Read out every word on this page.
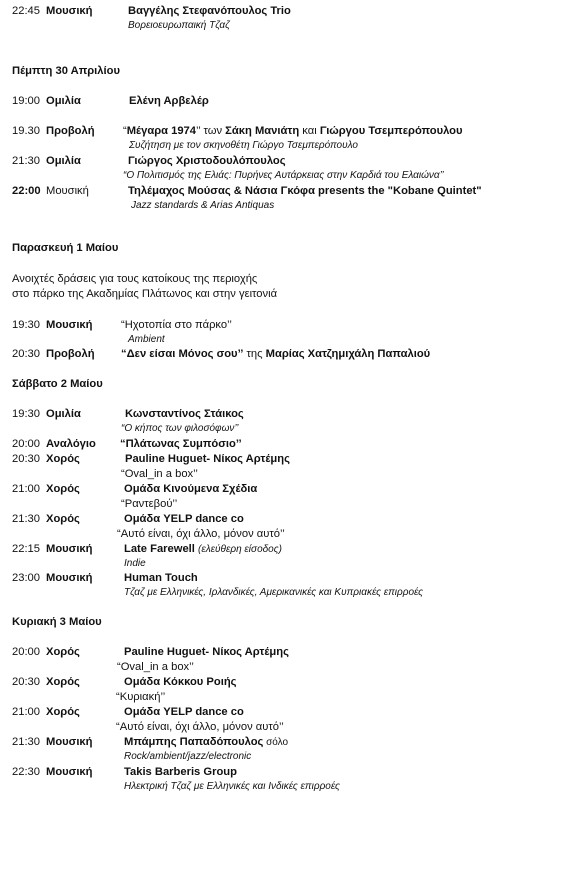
22:45 Μουσική	Βαγγέλης Στεφανόπουλος Trio
Βορειοευρωπαική Τζαζ
Πέμπτη 30 Απριλίου
19:00 Ομιλία	Ελένη Αρβελέρ
19.30 Προβολή	“Μέγαρα 1974’’ των Σάκη Μανιάτη και Γιώργου Τσεμπερόπουλου
Συζήτηση με τον σκηνοθέτη Γιώργο Τσεμπερόπουλο
21:30 Ομιλία	Γιώργος Χριστοδουλόπουλος
“Ο Πολιτισμός της Ελιάς: Πυρήνες Αυτάρκειας στην Καρδιά του Ελαιώνα’’
22:00 Μουσική	Τηλέμαχος Μούσας & Νάσια Γκόφα presents the "Kobane Quintet"
Jazz standards & Arias Antiquas
Παρασκευή 1 Μαίου
Ανοιχτές δράσεις για τους κατοίκους της περιοχής
στο πάρκο της Ακαδημίας Πλάτωνος και στην γειτονιά
19:30 Μουσική	“Ηχοτοπία στο πάρκο’’
Ambient
20:30 Προβολή “Δεν είσαι Μόνος σου’’ της Μαρίας Χατζημιχάλη Παπαλιού
Σάββατο 2 Μαίου
19:30 Ομιλία	Κωνσταντίνος Στάικος
“Ο κήπος των φιλοσόφων’’
20:00 Αναλόγιο “Πλάτωνας Συμπόσιο’’
20:30 Χορός	Pauline Huguet- Νίκος Αρτέμης
“Oval_in a box’’
21:00 Χορός	Ομάδα Κινούμενα Σχέδια
“Ραντεβού’’
21:30 Χορός	Ομάδα YELP dance co
“Αυτό είναι, όχι άλλο, μόνον αυτό’’
22:15 Μουσική	Late Farewell (ελεύθερη είσοδος)
Indie
23:00 Μουσική	Human Touch
Τζαζ με Ελληνικές, Ιρλανδικές, Αμερικανικές και Κυπριακές επιρροές
Κυριακή 3 Μαίου
20:00 Χορός	Pauline Huguet- Νίκος Αρτέμης
“Oval_in a box’’
20:30 Χορός	Ομάδα Κόκκου Ροιής
“Κυριακή’’
21:00 Χορός	Ομάδα YELP dance co
“Αυτό είναι, όχι άλλο, μόνον αυτό’’
21:30 Μουσική	Μπάμπης Παπαδόπουλος σόλο
Rock/ambient/jazz/electronic
22:30 Μουσική	Takis Barberis Group
Ηλεκτρική Τζαζ με Ελληνικές και Ινδικές επιρροές
